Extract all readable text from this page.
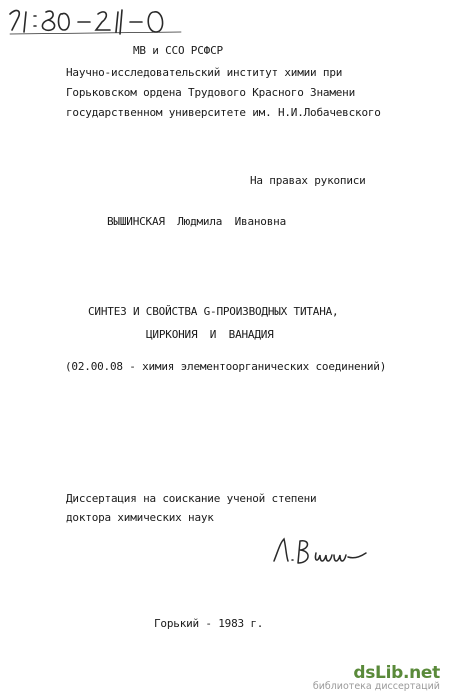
МВ и ССО РСФСР
Научно-исследовательский институт химии при
Горьковском ордена Трудового Красного Знамени
государственном университете им. Н.И.Лобачевского
На правах рукописи
ВЫШИНСКАЯ Людмила Ивановна
СИНТЕЗ И СВОЙСТВА G-ПРОИЗВОДНЫХ ТИТАНА,
ЦИРКОНИЯ И ВАНАДИЯ
(02.00.08 - химия элементоорганических соединений)
Диссертация на соискание ученой степени
доктора химических наук
Горький - 1983 г.
dsLib.net
библиотека диссертаций
